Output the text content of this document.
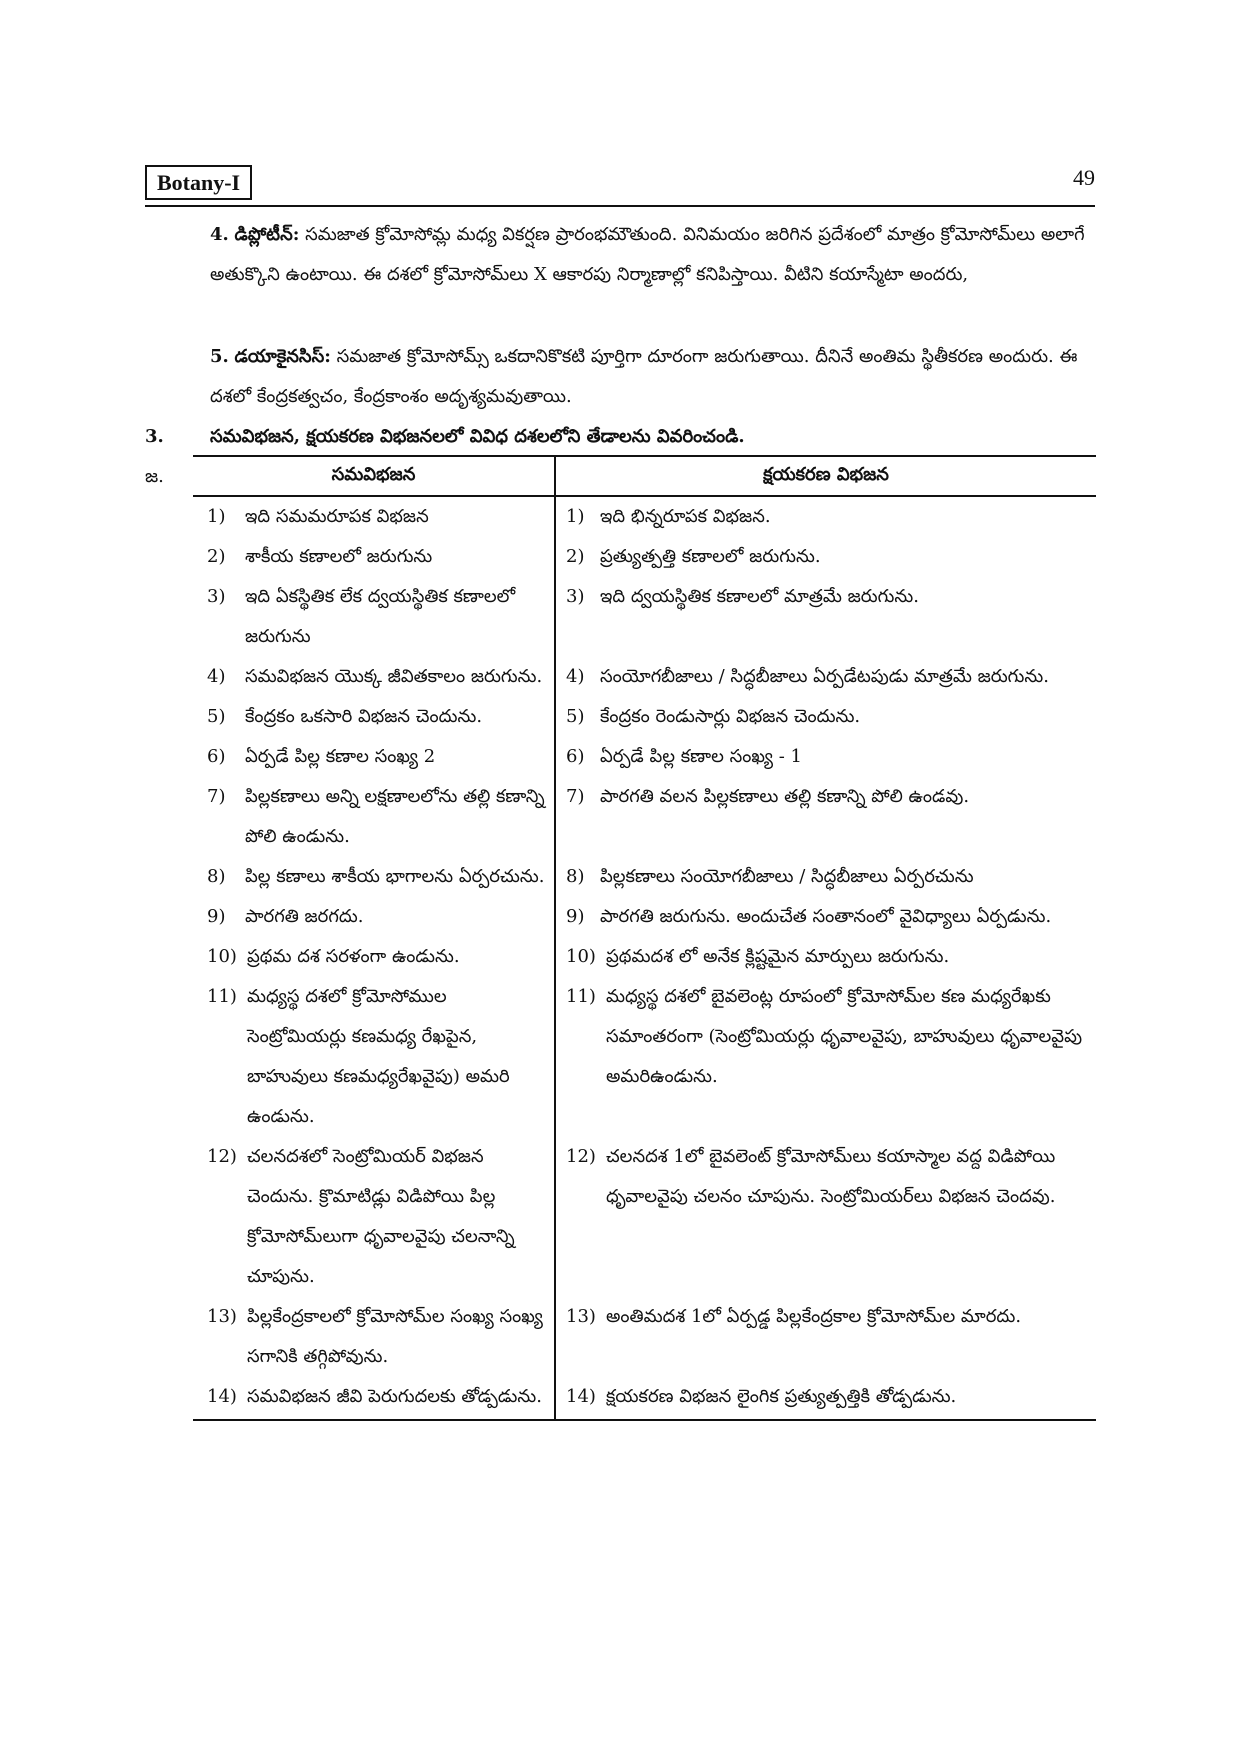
Botany-I	49
4. డిప్లోటీన్: సమజాత క్రోమోసోమ్ల మధ్య వికర్షణ ప్రారంభమౌతుంది. వినిమయం జరిగిన ప్రదేశంలో మాత్రం క్రోమోసోమ్‌లు అలాగే అతుక్కొని ఉంటాయి. ఈ దశలో క్రోమోసోమ్‌లు X ఆకారపు నిర్మాణాల్లో కనిపిస్తాయి. వీటిని కయాస్మేటా అందరు,
5. డయాకైనసిస్: సమజాత క్రోమోసోమ్స్ ఒకదానికొకటి పూర్తిగా దూరంగా జరుగుతాయి. దీనినే అంతిమ స్థితీకరణ అందురు. ఈ దశలో కేంద్రకత్వచం, కేంద్రకాంశం అదృశ్యమవుతాయి.
3.	సమవిభజన, క్షయకరణ విభజనలలో వివిధ దశలలోని తేడాలను వివరించండి.
జ.	సమవిభజన	క్షయకరణ విభజన

1) ఇది సమమరూపక విభజన	1) ఇది భిన్నరూపక విభజన.

2) శాకీయ కణాలలో జరుగును	2) ప్రత్యుత్పత్తి కణాలలో జరుగును.

3) ఇది ఏకస్థితిక లేక ద్వయస్థితిక కణాలలో జరుగును	3) ఇది ద్వయస్థితిక కణాలలో మాత్రమే జరుగును.

4) సమవిభజన యొక్క జీవితకాలం జరుగును.	4) సంయోగబీజాలు / సిద్ధబీజాలు ఏర్పడేటపుడు మాత్రమే జరుగును.

5) కేంద్రకం ఒకసారి విభజన చెందును.	5) కేంద్రకం రెండుసార్లు విభజన చెందును.

6) ఏర్పడే పిల్ల కణాల సంఖ్య 2	6) ఏర్పడే పిల్ల కణాల సంఖ్య - 1

7) పిల్లకణాలు అన్ని లక్షణాలలోను తల్లి కణాన్ని పోలి ఉండును.	7) పారగతి వలన పిల్లకణాలు తల్లి కణాన్ని పోలి ఉండవు.

8) పిల్ల కణాలు శాకీయ భాగాలను ఏర్పరచును.	8) పిల్లకణాలు సంయోగబీజాలు / సిద్ధబీజాలు ఏర్పరచును

9) పారగతి జరగదు.	9) పారగతి జరుగును. అందుచేత సంతానంలో వైవిధ్యాలు ఏర్పడును.

10) ప్రథమ దశ సరళంగా ఉండును.	10) ప్రథమదశ లో అనేక క్లిష్టమైన మార్పులు జరుగును.

11) మధ్యస్థ దశలో క్రోమోసోముల సెంట్రోమియర్లు కణమధ్య రేఖపైన, బాహువులు కణమధ్యరేఖవైపు) అమరి ఉండును.	11) మధ్యస్థ దశలో బైవలెంట్ల రూపంలో క్రోమోసోమ్‌ల కణ మధ్యరేఖకు సమాంతరంగా (సెంట్రోమియర్లు ధృవాలవైపు, బాహువులు ధృవాలవైపు అమరిఉండును.

12) చలనదశలో సెంట్రోమియర్ విభజన చెందును. క్రొమాటిడ్లు విడిపోయి పిల్ల క్రోమోసోమ్‌లుగా ధృవాలవైపు చలనాన్ని చూపును.	12) చలనదశ 1లో బైవలెంట్ క్రోమోసోమ్‌లు కయాస్మాల వద్ద విడిపోయి ధృవాలవైపు చలనం చూపును. సెంట్రోమియర్‌లు విభజన చెందవు.

13) పిల్లకేంద్రకాలలో క్రోమోసోమ్‌ల సంఖ్య సంఖ్య సగానికి తగ్గిపోవును.	13) అంతిమదశ 1లో ఏర్పడ్డ పిల్లకేంద్రకాల క్రోమోసోమ్‌ల మారదు.

14) సమవిభజన జీవి పెరుగుదలకు తోడ్పడును.	14) క్షయకరణ విభజన లైంగిక ప్రత్యుత్పత్తికి తోడ్పడును.
